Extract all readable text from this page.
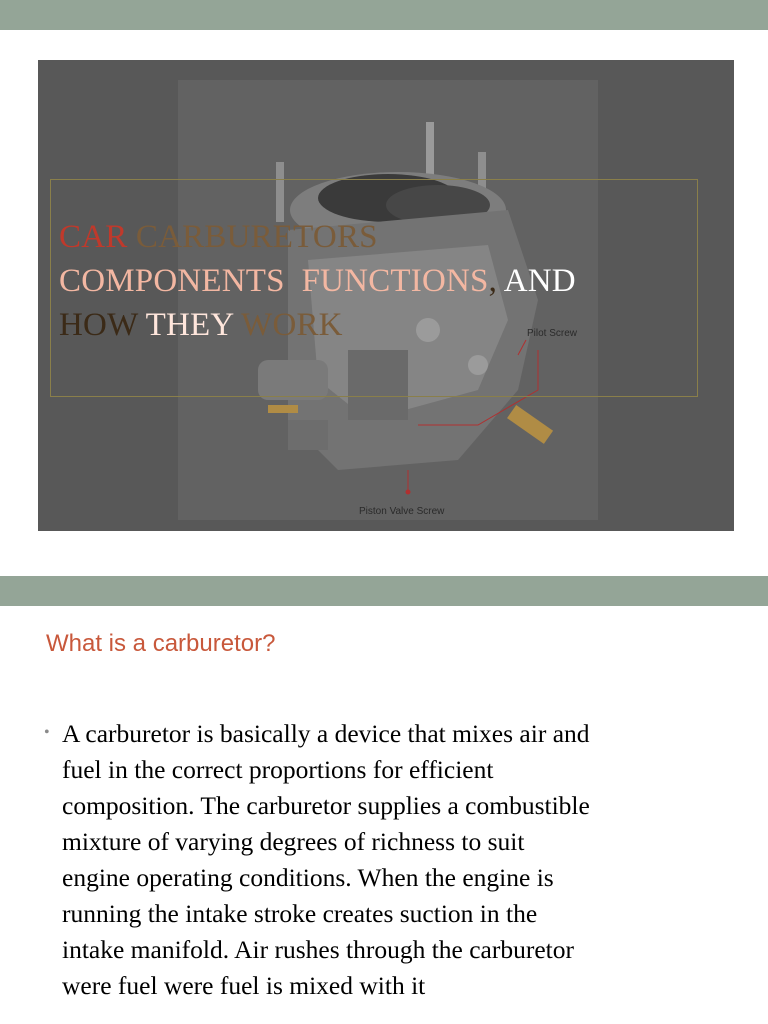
Pilot Screw
Piston Valve Screw
CAR CARBURETORS
COMPONENTS  FUNCTIONS, AND
HOW THEY WORK
What is a carburetor?
• A carburetor is basically a device that mixes air and
fuel in the correct proportions for efficient
composition. The carburetor supplies a combustible
mixture of varying degrees of richness to suit
engine operating conditions. When the engine is
running the intake stroke creates suction in the
intake manifold. Air rushes through the carburetor
were fuel were fuel is mixed with it
